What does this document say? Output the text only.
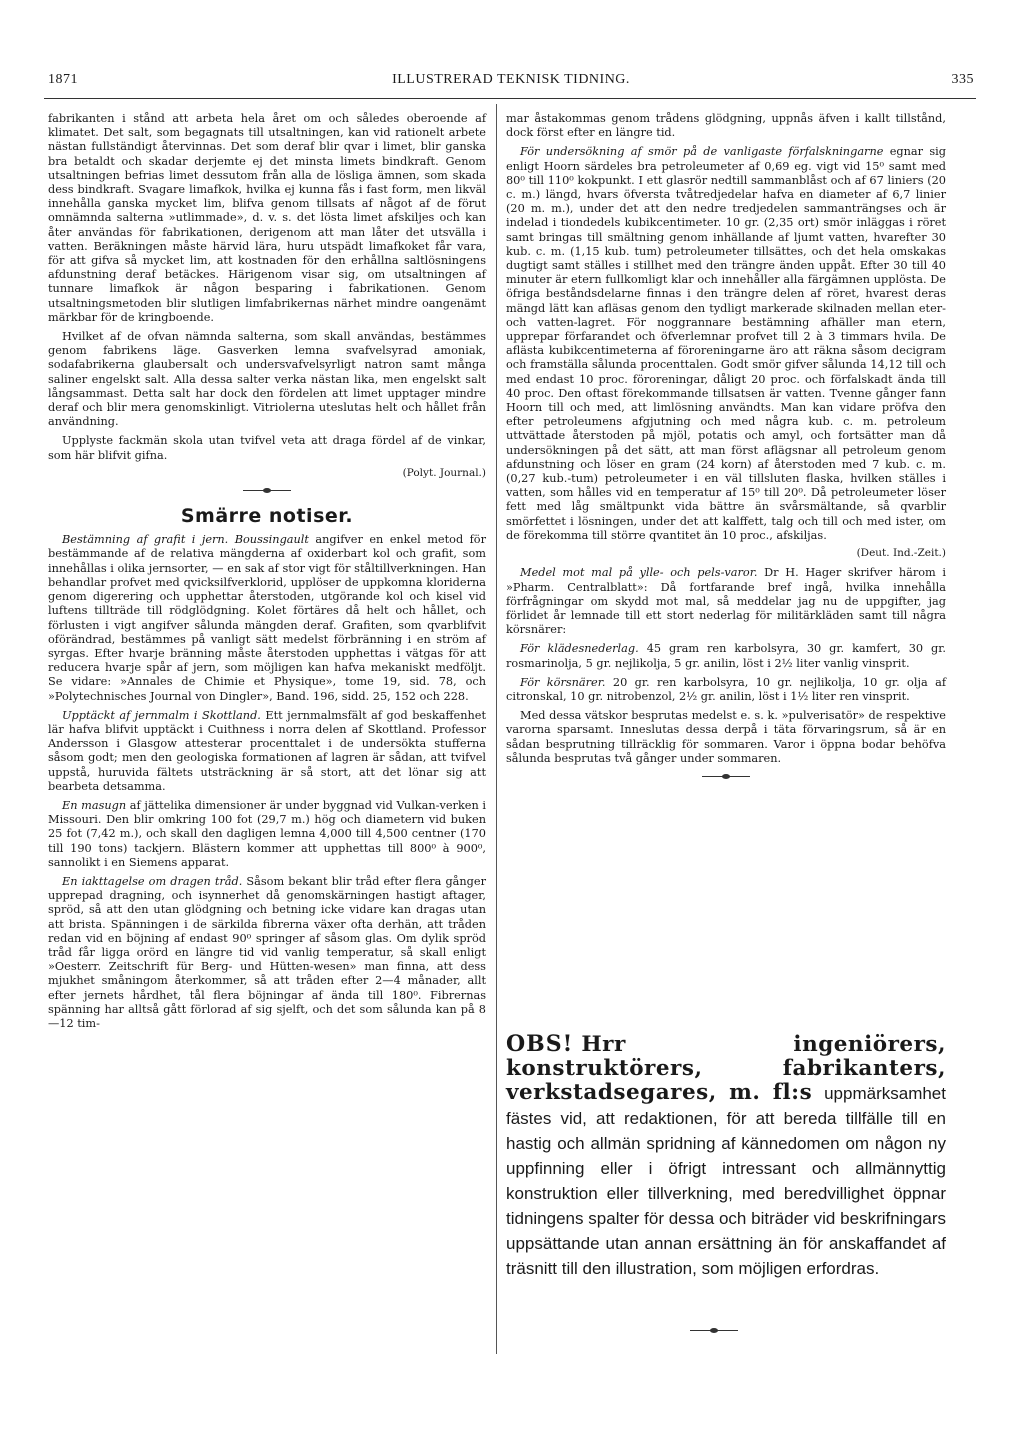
1871	ILLUSTRERAD TEKNISK TIDNING.	335

fabrikanten i stånd att arbeta hela året om och således oberoende af klimatet. Det salt, som begagnats till utsaltningen, kan vid rationelt arbete nästan fullständigt återvinnas. Det som deraf blir qvar i limet, blir ganska bra betaldt och skadar derjemte ej det minsta limets bindkraft. Genom utsaltningen befrias limet dessutom från alla de lösliga ämnen, som skada dess bindkraft. Svagare limafkok, hvilka ej kunna fås i fast form, men likväl innehålla ganska mycket lim, blifva genom tillsats af något af de förut omnämnda salterna »utlimmade», d. v. s. det lösta limet afskiljes och kan åter användas för fabrikationen, derigenom att man låter det utsvälla i vatten. Beräkningen måste härvid lära, huru utspädt limafkoket får vara, för att gifva så mycket lim, att kostnaden för den erhållna saltlösningens afdunstning deraf betäckes. Härigenom visar sig, om utsaltningen af tunnare limafkok är någon besparing i fabrikationen. Genom utsaltningsmetoden blir slutligen limfabrikernas närhet mindre oangenämt märkbar för de kringboende.

Hvilket af de ofvan nämnda salterna, som skall användas, bestämmes genom fabrikens läge. Gasverken lemna svafvelsyrad amoniak, sodafabrikerna glaubersalt och undersvafvelsyrligt natron samt många saliner engelskt salt. Alla dessa salter verka nästan lika, men engelskt salt långsammast. Detta salt har dock den fördelen att limet upptager mindre deraf och blir mera genomskinligt. Vitriolerna uteslutas helt och hållet från användning.

Upplyste fackmän skola utan tvifvel veta att draga fördel af de vinkar, som här blifvit gifna.

(Polyt. Journal.)
Smärre notiser.

Bestämning af grafit i jern. Boussingault angifver en enkel metod för bestämmande af de relativa mängderna af oxiderbart kol och grafit, som innehållas i olika jernsorter, — en sak af stor vigt för ståltillverkningen. Han behandlar profvet med qvicksilfverklorid, upplöser de uppkomna kloriderna genom digerering och upphettar återstoden, utgörande kol och kisel vid luftens tillträde till rödglödgning. Kolet förtäres då helt och hållet, och förlusten i vigt angifver sålunda mängden deraf. Grafiten, som qvarblifvit oförändrad, bestämmes på vanligt sätt medelst förbränning i en ström af syrgas. Efter hvarje bränning måste återstoden upphettas i vätgas för att reducera hvarje spår af jern, som möjligen kan hafva mekaniskt medföljt. Se vidare: »Annales de Chimie et Physique», tome 19, sid. 78, och »Polytechnisches Journal von Dingler», Band. 196, sidd. 25, 152 och 228.

Upptäckt af jernmalm i Skottland. Ett jernmalmsfält af god beskaffenhet lär hafva blifvit upptäckt i Cuithness i norra delen af Skottland. Professor Andersson i Glasgow attesterar procenttalet i de undersökta stufferna såsom godt; men den geologiska formationen af lagren är sådan, att tvifvel uppstå, huruvida fältets utsträckning är så stort, att det lönar sig att bearbeta detsamma.

En masugn af jättelika dimensioner är under byggnad vid Vulkan-verken i Missouri. Den blir omkring 100 fot (29,7 m.) hög och diametern vid buken 25 fot (7,42 m.), och skall den dagligen lemna 4,000 till 4,500 centner (170 till 190 tons) tackjern. Blästern kommer att upphettas till 800⁰ à 900⁰, sannolikt i en Siemens apparat.

En iakttagelse om dragen tråd. Såsom bekant blir tråd efter flera gånger upprepad dragning, och isynnerhet då genomskärningen hastigt aftager, spröd, så att den utan glödgning och betning icke vidare kan dragas utan att brista. Spänningen i de särkilda fibrerna växer ofta derhän, att tråden redan vid en böjning af endast 90⁰ springer af såsom glas. Om dylik spröd tråd får ligga orörd en längre tid vid vanlig temperatur, så skall enligt »Oesterr. Zeitschrift für Berg- und Hütten-wesen» man finna, att dess mjukhet småningom återkommer, så att tråden efter 2—4 månader, allt efter jernets hårdhet, tål flera böjningar af ända till 180⁰. Fibrernas spänning har alltså gått förlorad af sig sjelft, och det som sålunda kan på 8—12 tim-

mar åstakommas genom trådens glödgning, uppnås äfven i kallt tillstånd, dock först efter en längre tid.

För undersökning af smör på de vanligaste förfalskningarne egnar sig enligt Hoorn särdeles bra petroleumeter af 0,69 eg. vigt vid 15⁰ samt med 80⁰ till 110⁰ kokpunkt. I ett glasrör nedtill sammanblåst och af 67 liniers (20 c. m.) längd, hvars öfversta tvåtredjedelar hafva en diameter af 6,7 linier (20 m. m.), under det att den nedre tredjedelen sammanträngses och är indelad i tiondedels kubikcentimeter. 10 gr. (2,35 ort) smör inläggas i röret samt bringas till smältning genom inhällande af ljumt vatten, hvarefter 30 kub. c. m. (1,15 kub. tum) petroleumeter tillsättes, och det hela omskakas dugtigt samt ställes i stillhet med den trängre änden uppåt. Efter 30 till 40 minuter är etern fullkomligt klar och innehåller alla färgämnen upplösta. De öfriga beståndsdelarne finnas i den trängre delen af röret, hvarest deras mängd lätt kan afläsas genom den tydligt markerade skilnaden mellan eter- och vatten-lagret. För noggrannare bestämning afhäller man etern, upprepar förfarandet och öfverlemnar profvet till 2 à 3 timmars hvila. De aflästa kubikcentimeterna af föroreningarne äro att räkna såsom decigram och framställa sålunda procenttalen. Godt smör gifver sålunda 14,12 till och med endast 10 proc. föroreningar, dåligt 20 proc. och förfalskadt ända till 40 proc. Den oftast förekommande tillsatsen är vatten. Tvenne gånger fann Hoorn till och med, att limlösning användts. Man kan vidare pröfva den efter petroleumens afgjutning och med några kub. c. m. petroleum uttvättade återstoden på mjöl, potatis och amyl, och fortsätter man då undersökningen på det sätt, att man först aflägsnar all petroleum genom afdunstning och löser en gram (24 korn) af återstoden med 7 kub. c. m. (0,27 kub.-tum) petroleumeter i en väl tillsluten flaska, hvilken ställes i vatten, som hålles vid en temperatur af 15⁰ till 20⁰. Då petroleumeter löser fett med låg smältpunkt vida bättre än svårsmältande, så qvarblir smörfettet i lösningen, under det att kalffett, talg och till och med ister, om de förekomma till större qvantitet än 10 proc., afskiljas.

(Deut. Ind.-Zeit.)

Medel mot mal på ylle- och pels-varor. Dr H. Hager skrifver härom i »Pharm. Centralblatt»: Då fortfarande bref ingå, hvilka innehålla förfrågningar om skydd mot mal, så meddelar jag nu de uppgifter, jag förlidet år lemnade till ett stort nederlag för militärkläden samt till några körsnärer:

För klädesnederlag. 45 gram ren karbolsyra, 30 gr. kamfert, 30 gr. rosmarinolja, 5 gr. nejlikolja, 5 gr. anilin, löst i 2½ liter vanlig vinsprit.

För körsnärer. 20 gr. ren karbolsyra, 10 gr. nejlikolja, 10 gr. olja af citronskal, 10 gr. nitrobenzol, 2½ gr. anilin, löst i 1½ liter ren vinsprit.

Med dessa vätskor besprutas medelst e. s. k. »pulverisatör» de respektive varorna sparsamt. Inneslutas dessa derpå i täta förvaringsrum, så är en sådan besprutning tillräcklig för sommaren. Varor i öppna bodar behöfva sålunda besprutas två gånger under sommaren.

OBS! Hrr ingeniörers, konstruktörers, fabrikanters, verkstadsegares, m. fl:s uppmärksamhet fästes vid, att redaktionen, för att bereda tillfälle till en hastig och allmän spridning af kännedomen om någon ny uppfinning eller i öfrigt intressant och allmännyttig konstruktion eller tillverkning, med beredvillighet öppnar tidningens spalter för dessa och biträder vid beskrifningars uppsättande utan annan ersättning än för anskaffandet af träsnitt till den illustration, som möjligen erfordras.
